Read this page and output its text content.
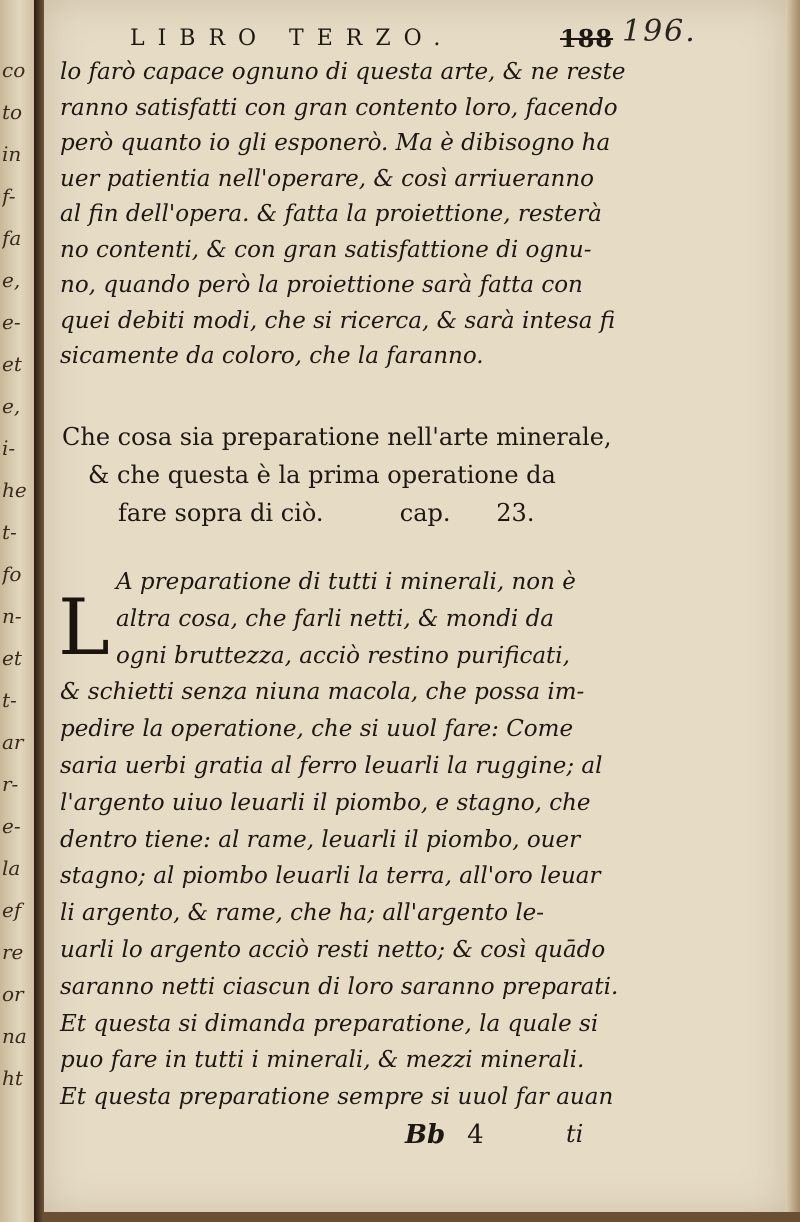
co
to
in
f-
fa
e,
e-
et
e,
i-
he
t-
fo
n-
et
t-
ar
r-
e-
la
ef
re
or
na
ht
LIBRO TERZO.	188 196.
lo farò capace ognuno di questa arte, & ne reste
ranno satisfatti con gran contento loro, facendo
però quanto io gli esponerò. Ma è dibisogno ha
uer patientia nell'operare, & così arriueranno
al fin dell'opera. & fatta la proiettione, resterà
no contenti, & con gran satisfattione di ognu-
no, quando però la proiettione sarà fatta con
quei debiti modi, che si ricerca, & sarà intesa fi
sicamente da coloro, che la faranno.
Che cosa sia preparatione nell'arte minerale,
& che questa è la prima operatione da
fare sopra di ciò.          cap.      23.
L
A preparatione di tutti i minerali, non è
altra cosa, che farli netti, & mondi da
ogni bruttezza, acciò restino purificati,
& schietti senza niuna macola, che possa im-
pedire la operatione, che si uuol fare: Come
saria uerbi gratia al ferro leuarli la ruggine; al
l'argento uiuo leuarli il piombo, e stagno, che
dentro tiene: al rame, leuarli il piombo, ouer
stagno; al piombo leuarli la terra, all'oro leuar
li argento, & rame, che ha; all'argento le-
uarli lo argento acciò resti netto; & così quādo
saranno netti ciascun di loro saranno preparati.
Et questa si dimanda preparatione, la quale si
puo fare in tutti i minerali, & mezzi minerali.
Et questa preparatione sempre si uuol far auan
Bb 4	ti
